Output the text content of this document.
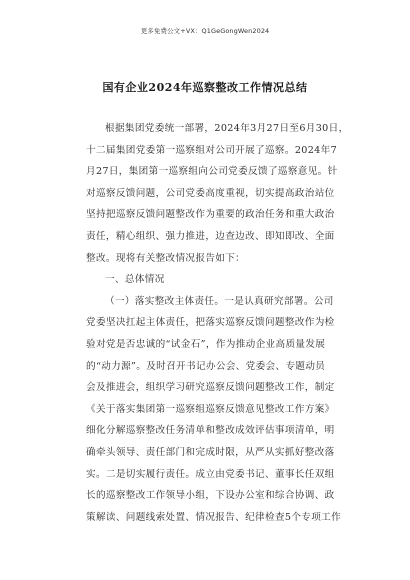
更多免费公文+VX：Q1GeGongWen2024
国有企业2024年巡察整改工作情况总结
根据集团党委统一部署，2024年3月27日至6月30日，
十二届集团党委第一巡察组对公司开展了巡察。2024年7
月27日，集团第一巡察组向公司党委反馈了巡察意见。针
对巡察反馈问题，公司党委高度重视，切实提高政治站位
坚持把巡察反馈问题整改作为重要的政治任务和重大政治
责任，精心组织、强力推进，边查边改、即知即改、全面
整改。现将有关整改情况报告如下：
一、总体情况
（一）落实整改主体责任。一是认真研究部署。公司
党委坚决扛起主体责任，把落实巡察反馈问题整改作为检
验对党是否忠诚的“试金石”，作为推动企业高质量发展
的“动力源”。及时召开书记办公会、党委会、专题动员
会及推进会，组织学习研究巡察反馈问题整改工作，制定
《关于落实集团第一巡察组巡察反馈意见整改工作方案》
细化分解巡察整改任务清单和整改成效评估事项清单，明
确牵头领导、责任部门和完成时限，从严从实抓好整改落
实。二是切实履行责任。成立由党委书记、董事长任双组
长的巡察整改工作领导小组，下设办公室和综合协调、政
策解读、问题线索处置、情况报告、纪律检查5个专项工作
